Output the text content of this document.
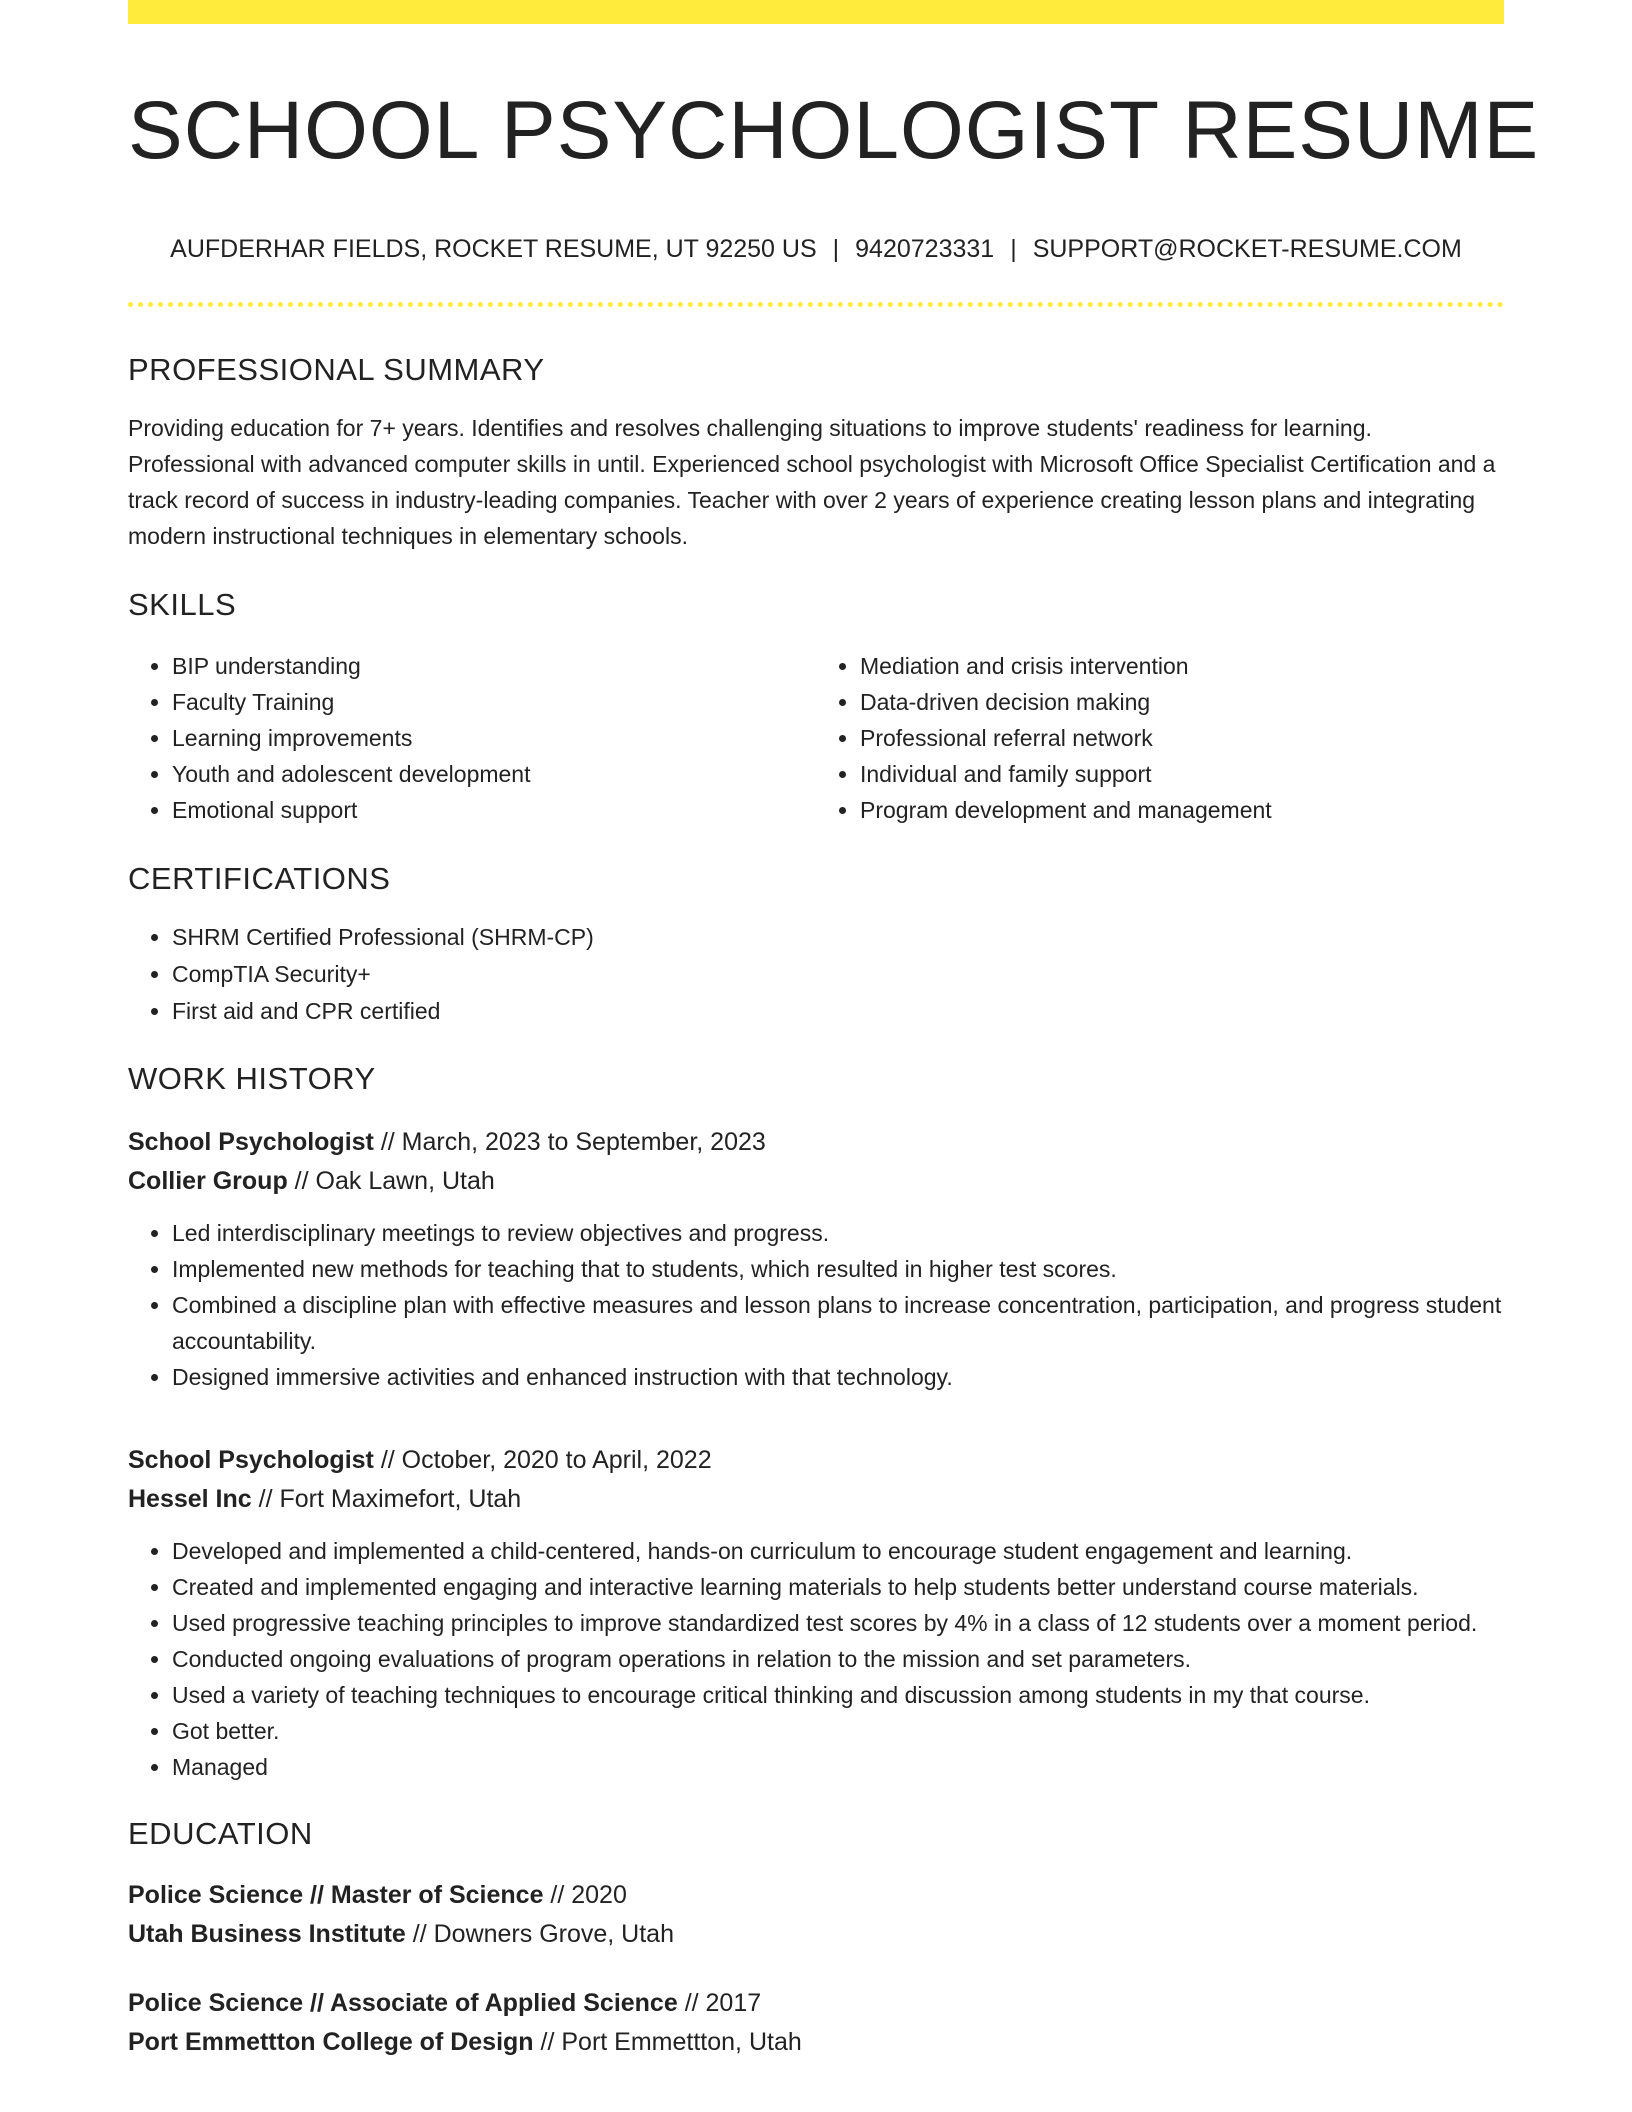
SCHOOL PSYCHOLOGIST RESUME
AUFDERHAR FIELDS, ROCKET RESUME, UT 92250 US | 9420723331 | SUPPORT@ROCKET-RESUME.COM
PROFESSIONAL SUMMARY

Providing education for 7+ years. Identifies and resolves challenging situations to improve students' readiness for learning. Professional with advanced computer skills in until. Experienced school psychologist with Microsoft Office Specialist Certification and a track record of success in industry-leading companies. Teacher with over 2 years of experience creating lesson plans and integrating modern instructional techniques in elementary schools.

SKILLS
• BIP understanding
• Faculty Training
• Learning improvements
• Youth and adolescent development
• Emotional support
• Mediation and crisis intervention
• Data-driven decision making
• Professional referral network
• Individual and family support
• Program development and management
CERTIFICATIONS
• SHRM Certified Professional (SHRM-CP)
• CompTIA Security+
• First aid and CPR certified
WORK HISTORY
School Psychologist // March, 2023 to September, 2023
Collier Group // Oak Lawn, Utah
• Led interdisciplinary meetings to review objectives and progress.
• Implemented new methods for teaching that to students, which resulted in higher test scores.
• Combined a discipline plan with effective measures and lesson plans to increase concentration, participation, and progress student accountability.
• Designed immersive activities and enhanced instruction with that technology.
School Psychologist // October, 2020 to April, 2022
Hessel Inc // Fort Maximefort, Utah
• Developed and implemented a child-centered, hands-on curriculum to encourage student engagement and learning.
• Created and implemented engaging and interactive learning materials to help students better understand course materials.
• Used progressive teaching principles to improve standardized test scores by 4% in a class of 12 students over a moment period.
• Conducted ongoing evaluations of program operations in relation to the mission and set parameters.
• Used a variety of teaching techniques to encourage critical thinking and discussion among students in my that course.
• Got better.
• Managed
EDUCATION
Police Science // Master of Science // 2020
Utah Business Institute // Downers Grove, Utah
Police Science // Associate of Applied Science // 2017
Port Emmettton College of Design // Port Emmettton, Utah
